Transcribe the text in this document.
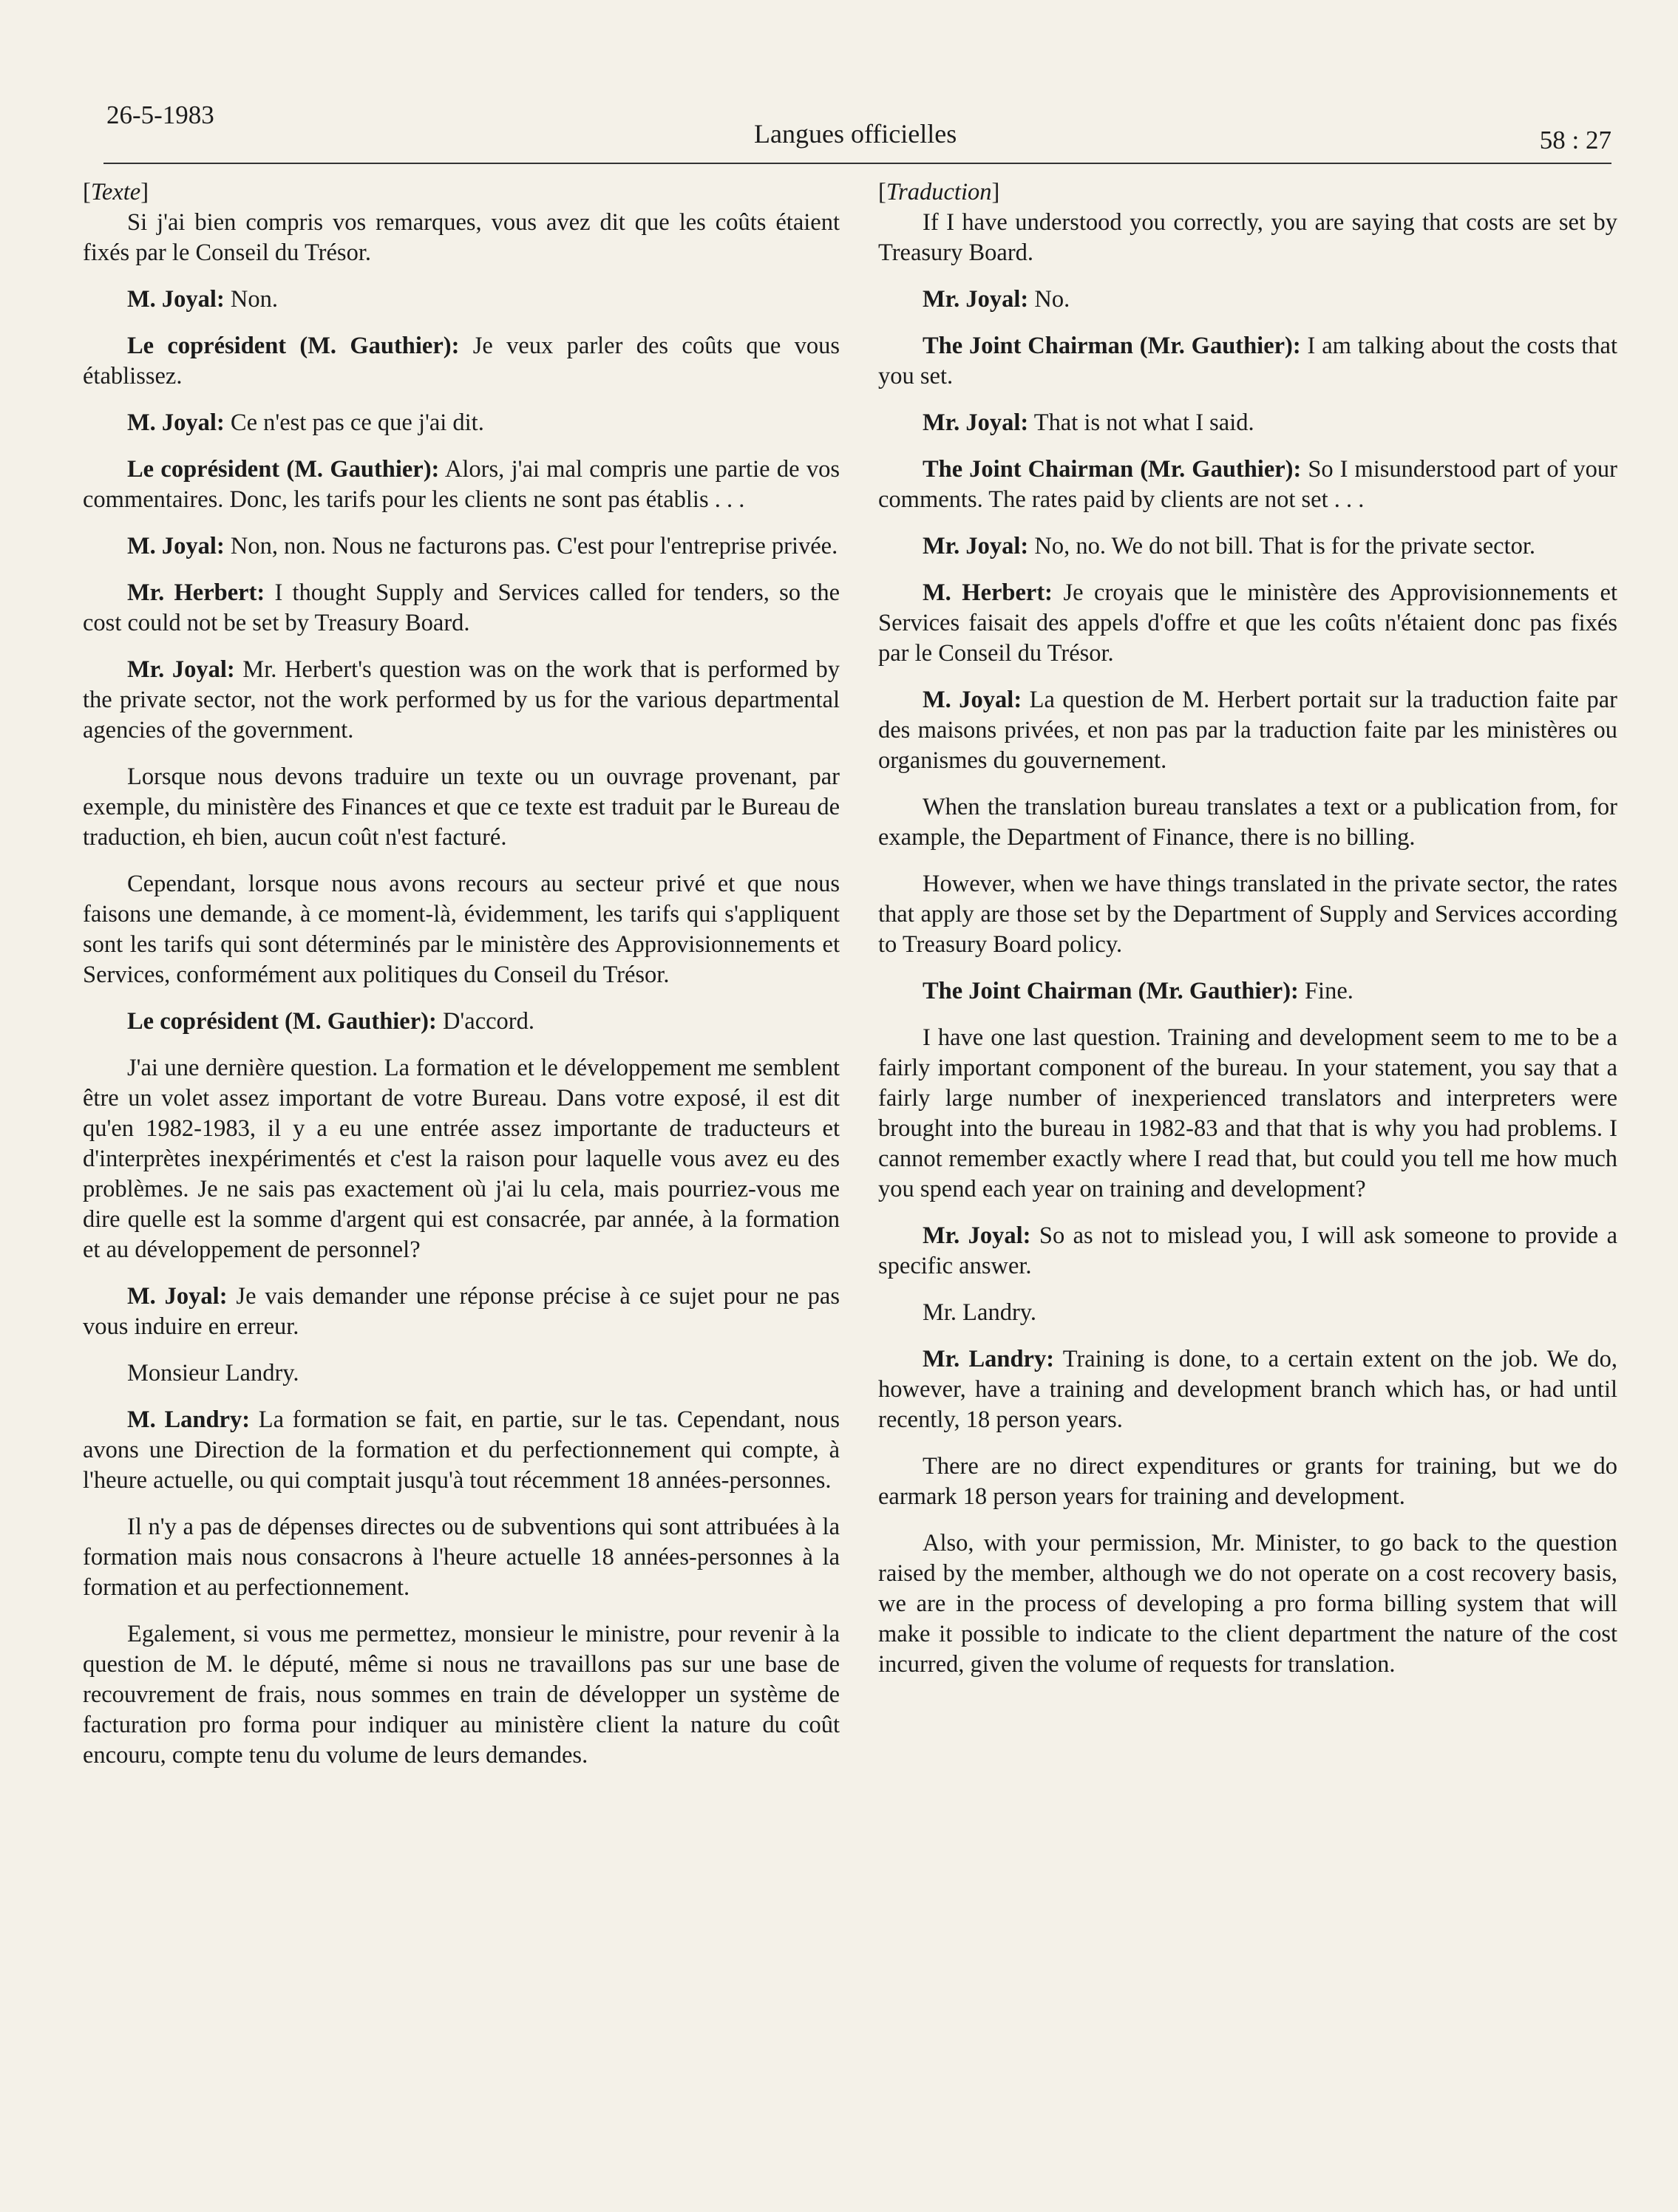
26-5-1983
Langues officielles	58 : 27
[Texte]

Si j'ai bien compris vos remarques, vous avez dit que les coûts étaient fixés par le Conseil du Trésor.

M. Joyal: Non.

Le coprésident (M. Gauthier): Je veux parler des coûts que vous établissez.

M. Joyal: Ce n'est pas ce que j'ai dit.

Le coprésident (M. Gauthier): Alors, j'ai mal compris une partie de vos commentaires. Donc, les tarifs pour les clients ne sont pas établis . . .

M. Joyal: Non, non. Nous ne facturons pas. C'est pour l'entreprise privée.

Mr. Herbert: I thought Supply and Services called for tenders, so the cost could not be set by Treasury Board.

Mr. Joyal: Mr. Herbert's question was on the work that is performed by the private sector, not the work performed by us for the various departmental agencies of the government.

Lorsque nous devons traduire un texte ou un ouvrage provenant, par exemple, du ministère des Finances et que ce texte est traduit par le Bureau de traduction, eh bien, aucun coût n'est facturé.

Cependant, lorsque nous avons recours au secteur privé et que nous faisons une demande, à ce moment-là, évidemment, les tarifs qui s'appliquent sont les tarifs qui sont déterminés par le ministère des Approvisionnements et Services, conformément aux politiques du Conseil du Trésor.

Le coprésident (M. Gauthier): D'accord.

J'ai une dernière question. La formation et le développement me semblent être un volet assez important de votre Bureau. Dans votre exposé, il est dit qu'en 1982-1983, il y a eu une entrée assez importante de traducteurs et d'interprètes inexpérimentés et c'est la raison pour laquelle vous avez eu des problèmes. Je ne sais pas exactement où j'ai lu cela, mais pourriez-vous me dire quelle est la somme d'argent qui est consacrée, par année, à la formation et au développement de personnel?

M. Joyal: Je vais demander une réponse précise à ce sujet pour ne pas vous induire en erreur.

Monsieur Landry.

M. Landry: La formation se fait, en partie, sur le tas. Cependant, nous avons une Direction de la formation et du perfectionnement qui compte, à l'heure actuelle, ou qui comptait jusqu'à tout récemment 18 années-personnes.

Il n'y a pas de dépenses directes ou de subventions qui sont attribuées à la formation mais nous consacrons à l'heure actuelle 18 années-personnes à la formation et au perfectionnement.

Egalement, si vous me permettez, monsieur le ministre, pour revenir à la question de M. le député, même si nous ne travaillons pas sur une base de recouvrement de frais, nous sommes en train de développer un système de facturation pro forma pour indiquer au ministère client la nature du coût encouru, compte tenu du volume de leurs demandes.

[Traduction]

If I have understood you correctly, you are saying that costs are set by Treasury Board.

Mr. Joyal: No.

The Joint Chairman (Mr. Gauthier): I am talking about the costs that you set.

Mr. Joyal: That is not what I said.

The Joint Chairman (Mr. Gauthier): So I misunderstood part of your comments. The rates paid by clients are not set . . .

Mr. Joyal: No, no. We do not bill. That is for the private sector.

M. Herbert: Je croyais que le ministère des Approvisionnements et Services faisait des appels d'offre et que les coûts n'étaient donc pas fixés par le Conseil du Trésor.

M. Joyal: La question de M. Herbert portait sur la traduction faite par des maisons privées, et non pas par la traduction faite par les ministères ou organismes du gouvernement.

When the translation bureau translates a text or a publication from, for example, the Department of Finance, there is no billing.

However, when we have things translated in the private sector, the rates that apply are those set by the Department of Supply and Services according to Treasury Board policy.

The Joint Chairman (Mr. Gauthier): Fine.

I have one last question. Training and development seem to me to be a fairly important component of the bureau. In your statement, you say that a fairly large number of inexperienced translators and interpreters were brought into the bureau in 1982-83 and that that is why you had problems. I cannot remember exactly where I read that, but could you tell me how much you spend each year on training and development?

Mr. Joyal: So as not to mislead you, I will ask someone to provide a specific answer.

Mr. Landry.

Mr. Landry: Training is done, to a certain extent on the job. We do, however, have a training and development branch which has, or had until recently, 18 person years.

There are no direct expenditures or grants for training, but we do earmark 18 person years for training and development.

Also, with your permission, Mr. Minister, to go back to the question raised by the member, although we do not operate on a cost recovery basis, we are in the process of developing a pro forma billing system that will make it possible to indicate to the client department the nature of the cost incurred, given the volume of requests for translation.
